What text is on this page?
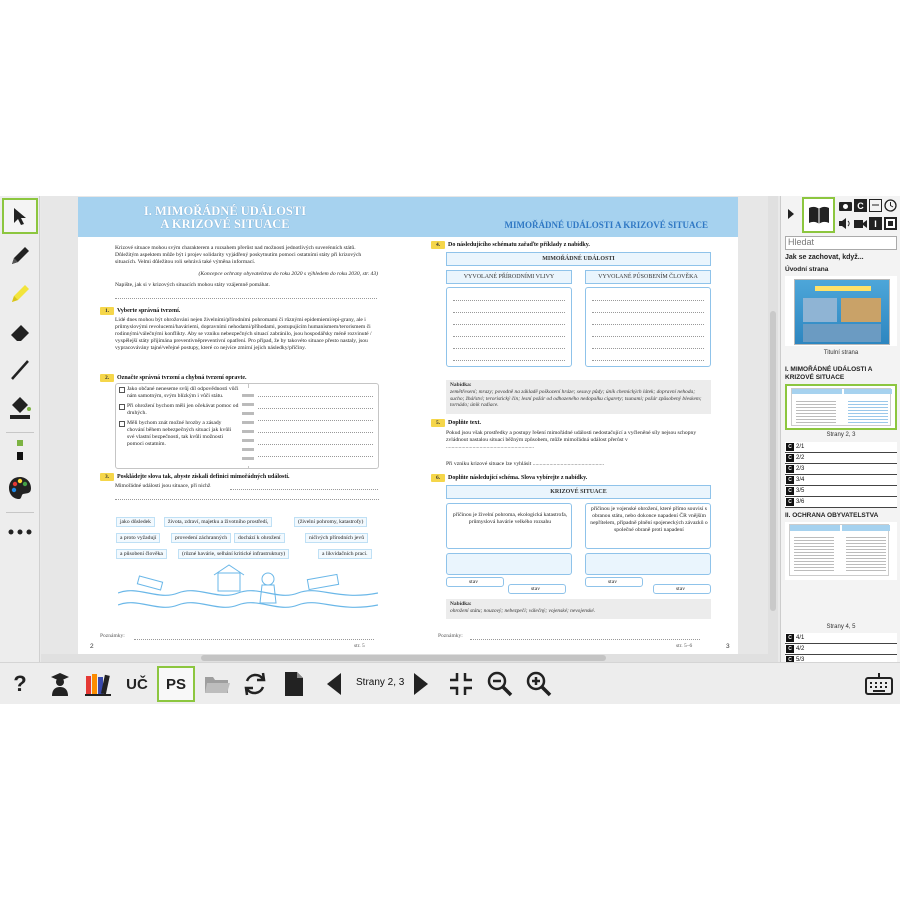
I. MIMOŘÁDNÉ UDÁLOSTI A KRIZOVÉ SITUACE
Krizové situace mohou svým charakterem a rozsahem přerůst nad možnosti jednotlivých suverénních států. Důležitým aspektem může být i projev solidarity vyjádřený poskytnutím pomoci ostatními státy při krizových situacích. Velmi důležitou roli sehrává také výměna informací.
(Koncepce ochrany obyvatelstva do roku 2020 s výhledem do roku 2030, str. 43)
Napište, jak si v krizových situacích mohou státy vzájemně pomáhat.
1.	Vyberte správná tvrzení.
Lidé dnes mohou být ohrožováni nejen živelními/přírodními pohromami či různými epidemiemi/epi-grany, ale i průmyslovými revolucemi/haváriemi, dopravními nehodami/příhodami, postupujícím humanismem/terorismem či rodinnými/válečnými konflikty. Aby se vzniku nebezpečných situací zabránilo, jsou hospodářsky méně rozvinuté / vyspělejší státy přijímána preventivněpreventivní opatření. Pro případ, že by takovéto situace přesto nastaly, jsou vypracovávány tajné/veřejné postupy, které co nejvíce zmírní jejich následky/příčiny.
2.	Označte správná tvrzení a chybná tvrzení opravte.
Jako občané neneseme svůj díl odpovědnosti vůči nám samotným, svým blízkým i vůči státu.
Při ohrožení bychom měli jen očekávat pomoc od druhých.
Měli bychom znát možné hrozby a zásady chování během nebezpečných situací jak kvůli své vlastní bezpečnosti, tak kvůli možnosti pomoci ostatním.
3.	Poskládejte slova tak, abyste získali definici mimořádných událostí.
Mimořádné události jsou situace, při nichž
jako důsledek	života, zdraví, majetku a životního prostředí,	(živelní pohromy, katastrofy)
a proto vyžadují	provedení záchranných	dochází k ohrožení	ničivých přírodních jevů
a působení člověka	(různé havárie, selhání kritické infrastruktury)	a likvidačních prací.
Poznámky:
str. 5
2
MIMOŘÁDNÉ UDÁLOSTI A KRIZOVÉ SITUACE
4.	Do následujícího schématu zařaďte příklady z nabídky.
MIMOŘÁDNÉ UDÁLOSTI
VYVOLANÉ PŘÍRODNÍMI VLIVY	VYVOLANÉ PŮSOBENÍM ČLOVĚKA
Nabídka:
zemětřesení; mrazy; povodně na základě poškození hráze; sesuvy půdy; únik chemických látek; dopravní nehoda; sucho; žháŕství; teroristický čin; lesní požár od odhozeného nedopalku cigarety; tsunami; požár způsobený bleskem; tornádo; únik radiace.
5.	Doplňte text.
Pokud jsou však prostředky a postupy řešení mimořádné události nedostačující a vyčleněné síly nejsou schopny zvládnout nastalou situaci běžným způsobem, může mimořádná událost přerůst v ...............................................................
Při vzniku krizové situace lze vyhlásit ...................................................
6.	Doplňte následující schéma. Slova vybírejte z nabídky.
KRIZOVÉ SITUACE
příčinou je živelní pohroma, ekologická katastrofa, průmyslová havárie velkého rozsahu
příčinou je vojenské ohrožení, které přímo souvisí s obranou státu, nebo dokonce napadení ČR vnějším nepřítelem, případně plnění spojeneckých závazků o společné obraně proti napadení
stav
stav
stav
stav
Nabídka:
ohrožení státu; nouzový; nebezpečí; válečný; vojenské; nevojenské.
Poznámky:
str. 5–6	3
C
I
Hledat
Jak se zachovat, když...
Úvodní strana
Titulní strana
I. MIMOŘÁDNÉ UDÁLOSTI A KRIZOVÉ SITUACE
Strany 2, 3
C 2/1
C 2/2
C 2/3
C 3/4
C 3/5
C 3/6
II. OCHRANA OBYVATELSTVA
Strany 4, 5
C 4/1
C 4/2
C 5/3
?	UČ	PS	Strany 2, 3
